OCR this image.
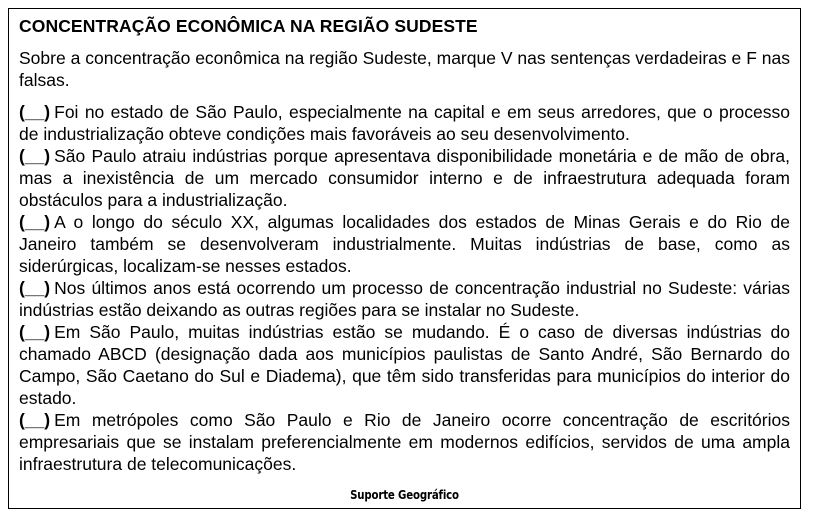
CONCENTRAÇÃO ECONÔMICA NA REGIÃO SUDESTE
Sobre a concentração econômica na região Sudeste, marque V nas sentenças verdadeiras e F nas falsas.

(__) Foi no estado de São Paulo, especialmente na capital e em seus arredores, que o processo de industrialização obteve condições mais favoráveis ao seu desenvolvimento.

(__) São Paulo atraiu indústrias porque apresentava disponibilidade monetária e de mão de obra, mas a inexistência de um mercado consumidor interno e de infraestrutura adequada foram obstáculos para a industrialização.

(__) A o longo do século XX, algumas localidades dos estados de Minas Gerais e do Rio de Janeiro também se desenvolveram industrialmente. Muitas indústrias de base, como as siderúrgicas, localizam-se nesses estados.

(__) Nos últimos anos está ocorrendo um processo de concentração industrial no Sudeste: várias indústrias estão deixando as outras regiões para se instalar no Sudeste.

(__) Em São Paulo, muitas indústrias estão se mudando. É o caso de diversas indústrias do chamado ABCD (designação dada aos municípios paulistas de Santo André, São Bernardo do Campo, São Caetano do Sul e Diadema), que têm sido transferidas para municípios do interior do estado.

(__) Em metrópoles como São Paulo e Rio de Janeiro ocorre concentração de escritórios empresariais que se instalam preferencialmente em modernos edifícios, servidos de uma ampla infraestrutura de telecomunicações.

Suporte Geográfico
